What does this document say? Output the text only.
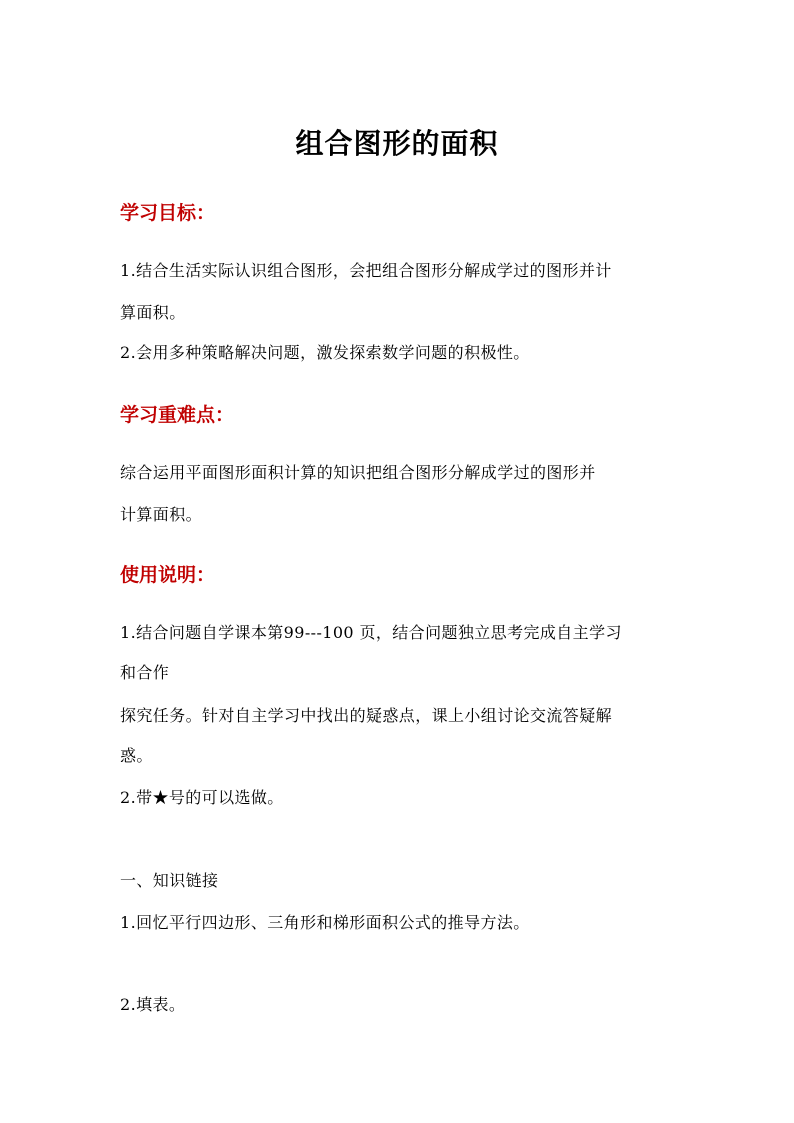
组合图形的面积
学习目标：
1.结合生活实际认识组合图形，会把组合图形分解成学过的图形并计
算面积。
2.会用多种策略解决问题，激发探索数学问题的积极性。
学习重难点：
综合运用平面图形面积计算的知识把组合图形分解成学过的图形并
计算面积。
使用说明：
1.结合问题自学课本第99---100 页，结合问题独立思考完成自主学习
和合作
探究任务。针对自主学习中找出的疑惑点，课上小组讨论交流答疑解
惑。
2.带★号的可以选做。
一、知识链接
1.回忆平行四边形、三角形和梯形面积公式的推导方法。
2.填表。
